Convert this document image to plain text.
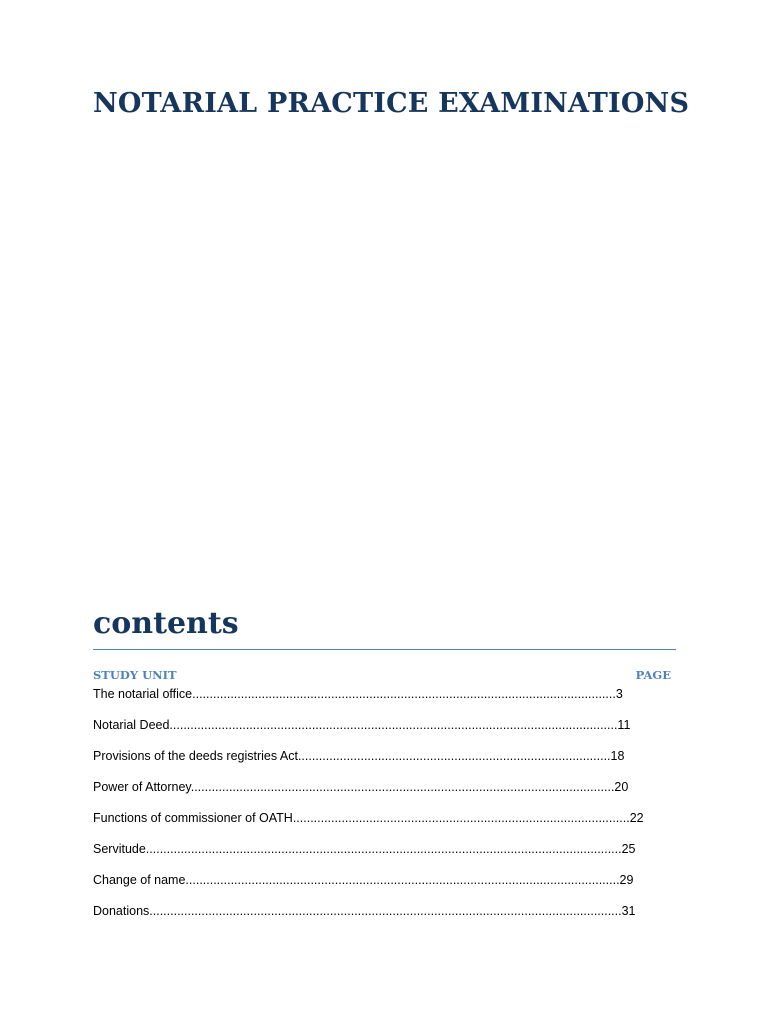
NOTARIAL PRACTICE EXAMINATIONS
contents
STUDY UNIT	PAGE
The notarial office..........................................................................................................................3
Notarial Deed.................................................................................................................................11
Provisions of the deeds registries Act..........................................................................................18
Power of Attorney..........................................................................................................................20
Functions of commissioner of OATH.................................................................................................22
Servitude.........................................................................................................................................25
Change of name.............................................................................................................................29
Donations........................................................................................................................................31
